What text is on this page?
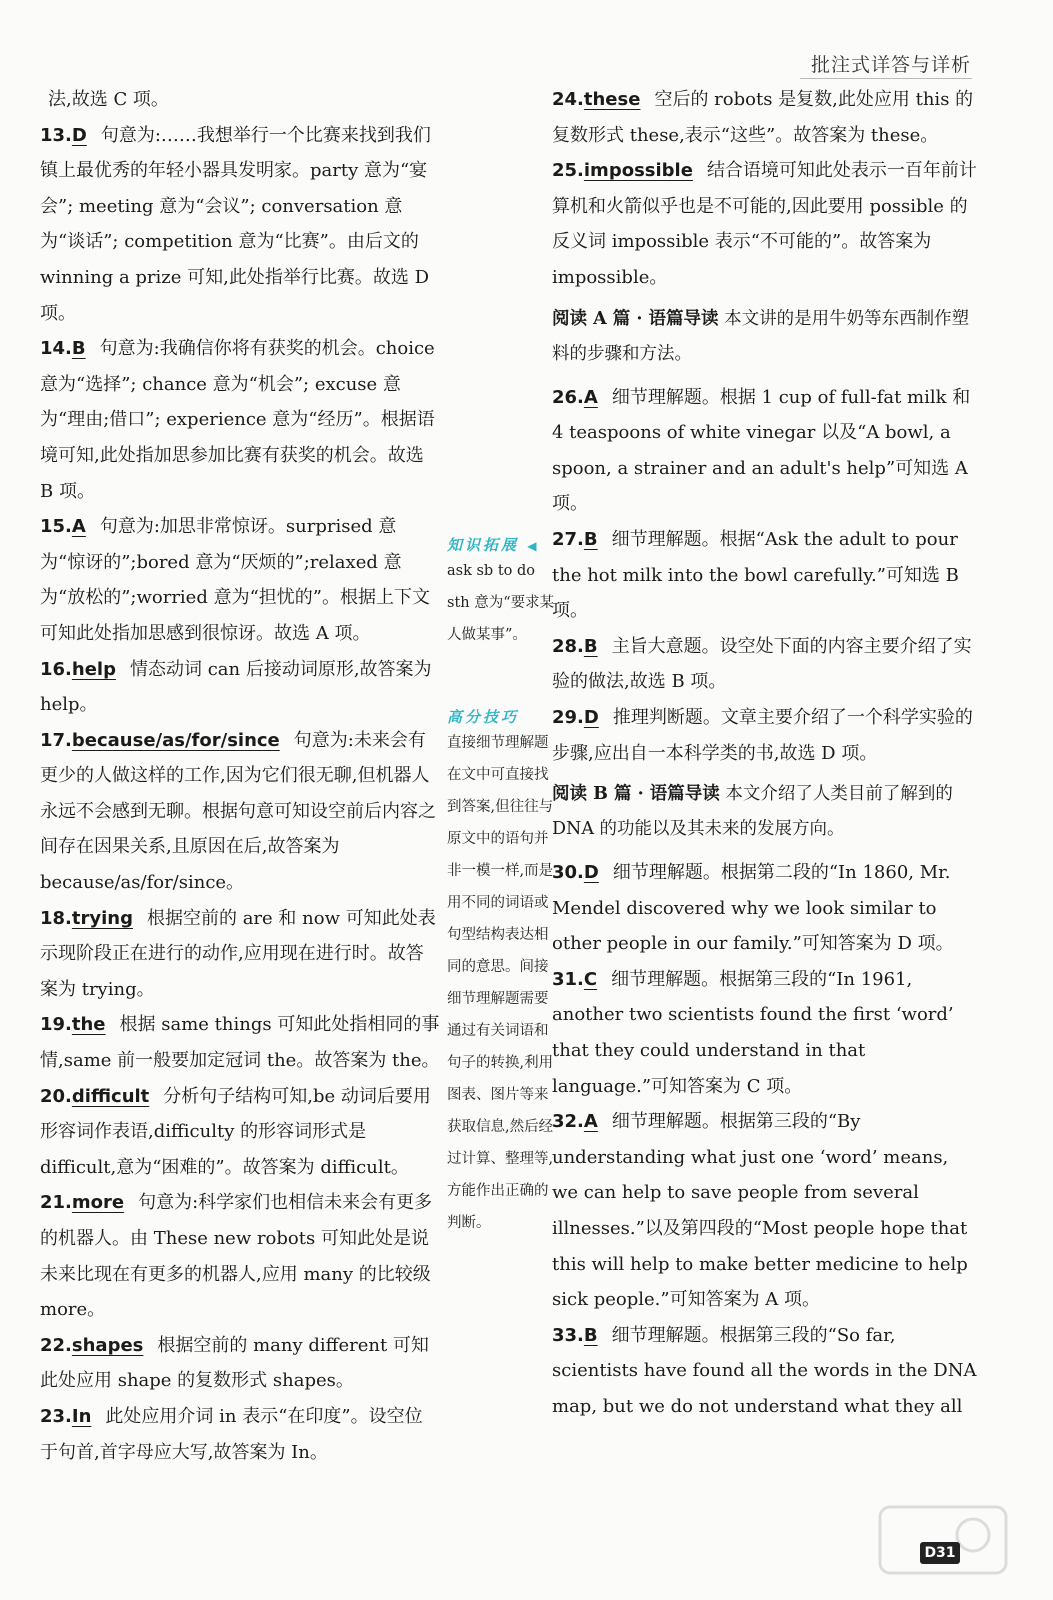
批注式详答与详析

法,故选 C 项。

13.D 句意为:……我想举行一个比赛来找到我们镇上最优秀的年轻小器具发明家。party 意为“宴会”; meeting 意为“会议”; conversation 意为“谈话”; competition 意为“比赛”。由后文的 winning a prize 可知,此处指举行比赛。故选 D 项。

14.B 句意为:我确信你将有获奖的机会。choice 意为“选择”; chance 意为“机会”; excuse 意为“理由;借口”; experience 意为“经历”。根据语境可知,此处指加思参加比赛有获奖的机会。故选 B 项。

15.A 句意为:加思非常惊讶。surprised 意为“惊讶的”;bored 意为“厌烦的”;relaxed 意为“放松的”;worried 意为“担忧的”。根据上下文可知此处指加思感到很惊讶。故选 A 项。

16.help 情态动词 can 后接动词原形,故答案为 help。

17.because/as/for/since 句意为:未来会有更少的人做这样的工作,因为它们很无聊,但机器人永远不会感到无聊。根据句意可知设空前后内容之间存在因果关系,且原因在后,故答案为 because/as/for/since。

18.trying 根据空前的 are 和 now 可知此处表示现阶段正在进行的动作,应用现在进行时。故答案为 trying。

19.the 根据 same things 可知此处指相同的事情,same 前一般要加定冠词 the。故答案为 the。

20.difficult 分析句子结构可知,be 动词后要用形容词作表语,difficulty 的形容词形式是 difficult,意为“困难的”。故答案为 difficult。

21.more 句意为:科学家们也相信未来会有更多的机器人。由 These new robots 可知此处是说未来比现在有更多的机器人,应用 many 的比较级 more。

22.shapes 根据空前的 many different 可知此处应用 shape 的复数形式 shapes。

23.In 此处应用介词 in 表示“在印度”。设空位于句首,首字母应大写,故答案为 In。

知识拓展 ◀
ask sb to do sth 意为“要求某人做某事”。
高分技巧
直接细节理解题在文中可直接找到答案,但往往与原文中的语句并非一模一样,而是用不同的词语或句型结构表达相同的意思。间接细节理解题需要通过有关词语和句子的转换,利用图表、图片等来获取信息,然后经过计算、整理等,方能作出正确的判断。

24.these 空后的 robots 是复数,此处应用 this 的复数形式 these,表示“这些”。故答案为 these。

25.impossible 结合语境可知此处表示一百年前计算机和火箭似乎也是不可能的,因此要用 possible 的反义词 impossible 表示“不可能的”。故答案为 impossible。

阅读 A 篇 · 语篇导读 本文讲的是用牛奶等东西制作塑料的步骤和方法。

26.A 细节理解题。根据 1 cup of full-fat milk 和 4 teaspoons of white vinegar 以及“A bowl, a spoon, a strainer and an adult's help”可知选 A 项。

27.B 细节理解题。根据“Ask the adult to pour the hot milk into the bowl carefully.”可知选 B 项。

28.B 主旨大意题。设空处下面的内容主要介绍了实验的做法,故选 B 项。

29.D 推理判断题。文章主要介绍了一个科学实验的步骤,应出自一本科学类的书,故选 D 项。

阅读 B 篇 · 语篇导读 本文介绍了人类目前了解到的 DNA 的功能以及其未来的发展方向。

30.D 细节理解题。根据第二段的“In 1860, Mr. Mendel discovered why we look similar to other people in our family.”可知答案为 D 项。

31.C 细节理解题。根据第三段的“In 1961, another two scientists found the first ‘word’ that they could understand in that language.”可知答案为 C 项。

32.A 细节理解题。根据第三段的“By understanding what just one ‘word’ means, we can help to save people from several illnesses.”以及第四段的“Most people hope that this will help to make better medicine to help sick people.”可知答案为 A 项。

33.B 细节理解题。根据第三段的“So far, scientists have found all the words in the DNA map, but we do not understand what they all

D31
